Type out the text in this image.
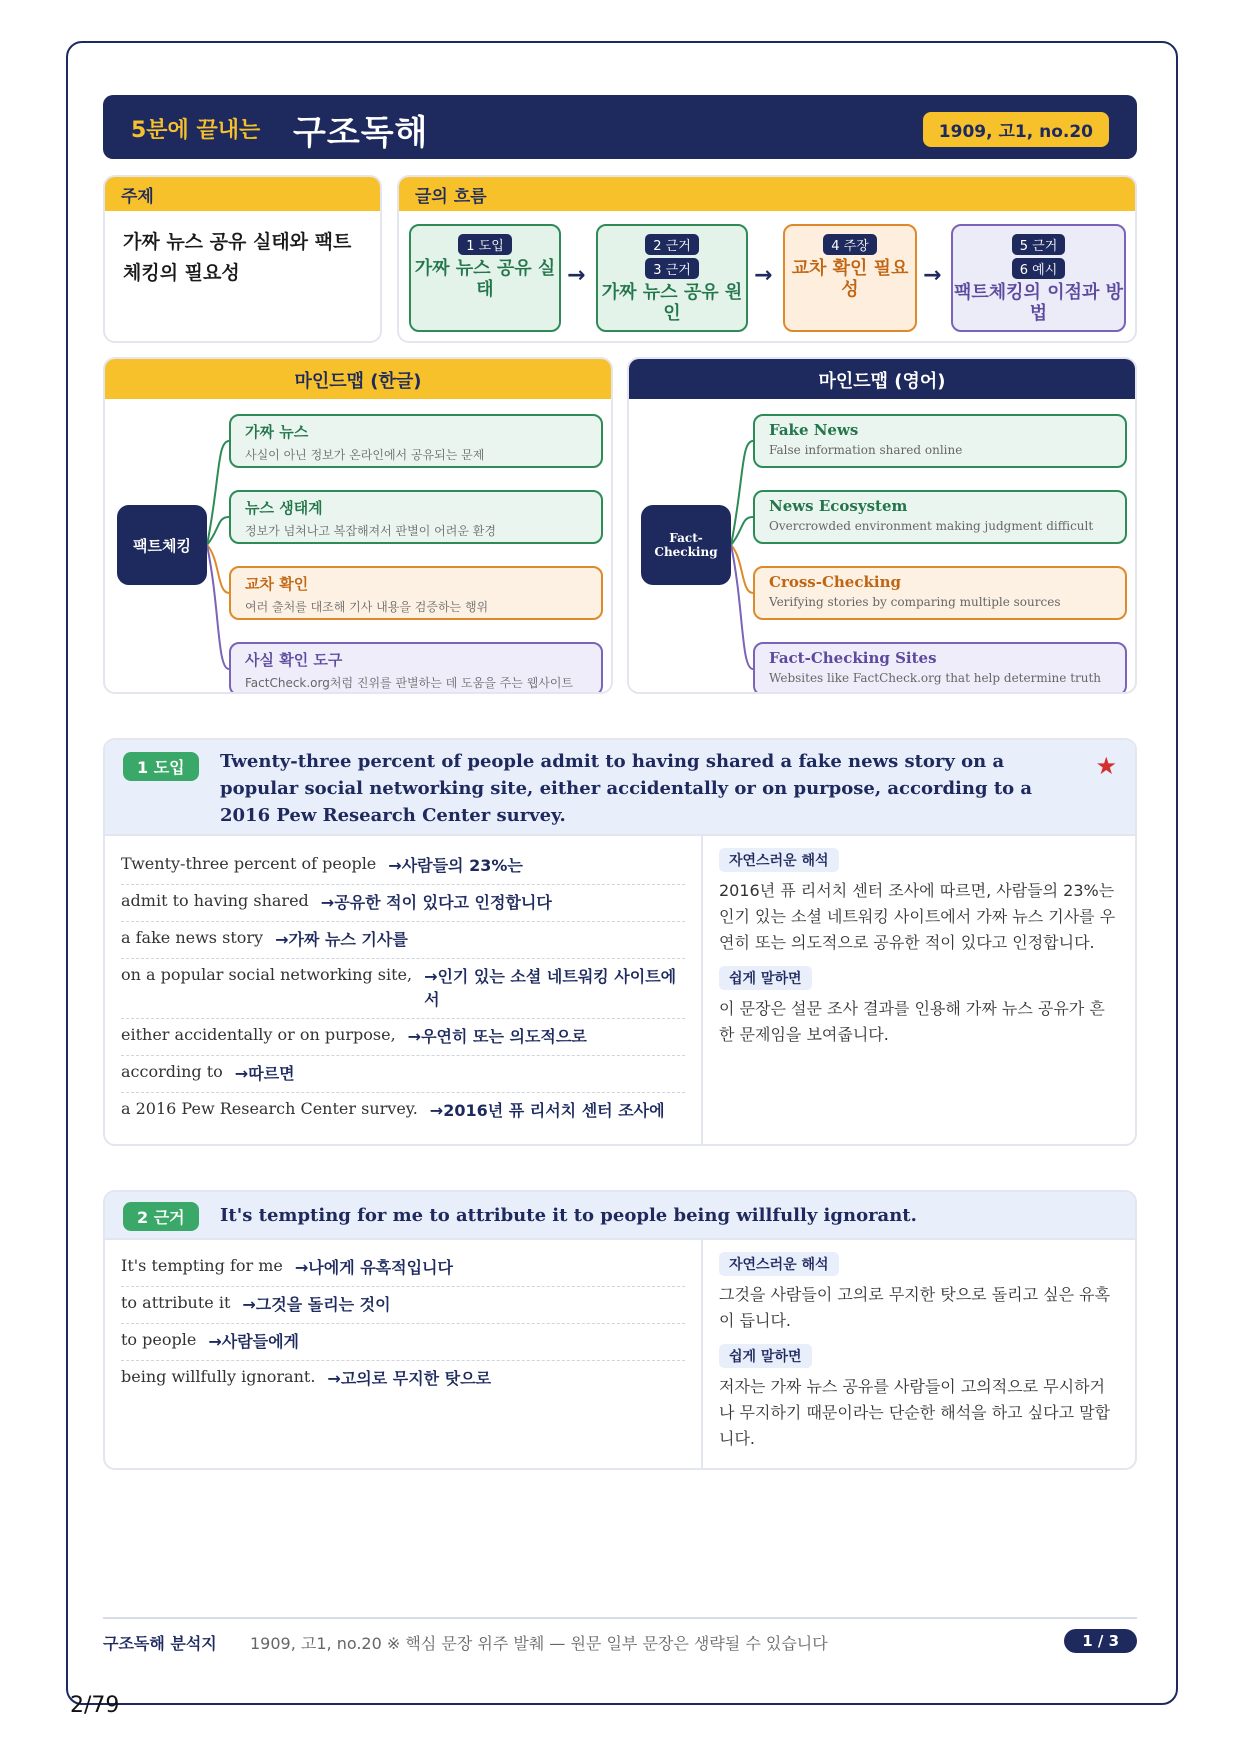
5분에 끝내는 구조독해	1909, 고1, no.20
주제
가짜 뉴스 공유 실태와 팩트체킹의 필요성
글의 흐름
1 도입
가짜 뉴스 공유 실태
→
2 근거
3 근거
가짜 뉴스 공유 원인
→
4 주장
교차 확인 필요성
→
5 근거
6 예시
팩트체킹의 이점과 방법
마인드맵 (한글)
팩트체킹
가짜 뉴스
사실이 아닌 정보가 온라인에서 공유되는 문제
뉴스 생태계
정보가 넘쳐나고 복잡해져서 판별이 어려운 환경
교차 확인
여러 출처를 대조해 기사 내용을 검증하는 행위
사실 확인 도구
FactCheck.org처럼 진위를 판별하는 데 도움을 주는 웹사이트
마인드맵 (영어)
Fact-Checking
Fake News
False information shared online
News Ecosystem
Overcrowded environment making judgment difficult
Cross-Checking
Verifying stories by comparing multiple sources
Fact-Checking Sites
Websites like FactCheck.org that help determine truth
1 도입	Twenty-three percent of people admit to having shared a fake news story on a popular social networking site, either accidentally or on purpose, according to a 2016 Pew Research Center survey.
★
Twenty-three percent of people →사람들의 23%는
admit to having shared →공유한 적이 있다고 인정합니다
a fake news story →가짜 뉴스 기사를
on a popular social networking site, →인기 있는 소셜 네트워킹 사이트에서
either accidentally or on purpose, →우연히 또는 의도적으로
according to →따르면
a 2016 Pew Research Center survey. →2016년 퓨 리서치 센터 조사에
자연스러운 해석
2016년 퓨 리서치 센터 조사에 따르면, 사람들의 23%는 인기 있는 소셜 네트워킹 사이트에서 가짜 뉴스 기사를 우연히 또는 의도적으로 공유한 적이 있다고 인정합니다.
쉽게 말하면
이 문장은 설문 조사 결과를 인용해 가짜 뉴스 공유가 흔한 문제임을 보여줍니다.
2 근거	It's tempting for me to attribute it to people being willfully ignorant.
It's tempting for me →나에게 유혹적입니다
to attribute it →그것을 돌리는 것이
to people →사람들에게
being willfully ignorant. →고의로 무지한 탓으로
자연스러운 해석
그것을 사람들이 고의로 무지한 탓으로 돌리고 싶은 유혹이 듭니다.
쉽게 말하면
저자는 가짜 뉴스 공유를 사람들이 고의적으로 무시하거나 무지하기 때문이라는 단순한 해석을 하고 싶다고 말합니다.
구조독해 분석지 1909, 고1, no.20 ※ 핵심 문장 위주 발췌 — 원문 일부 문장은 생략될 수 있습니다	1 / 3
2/79
